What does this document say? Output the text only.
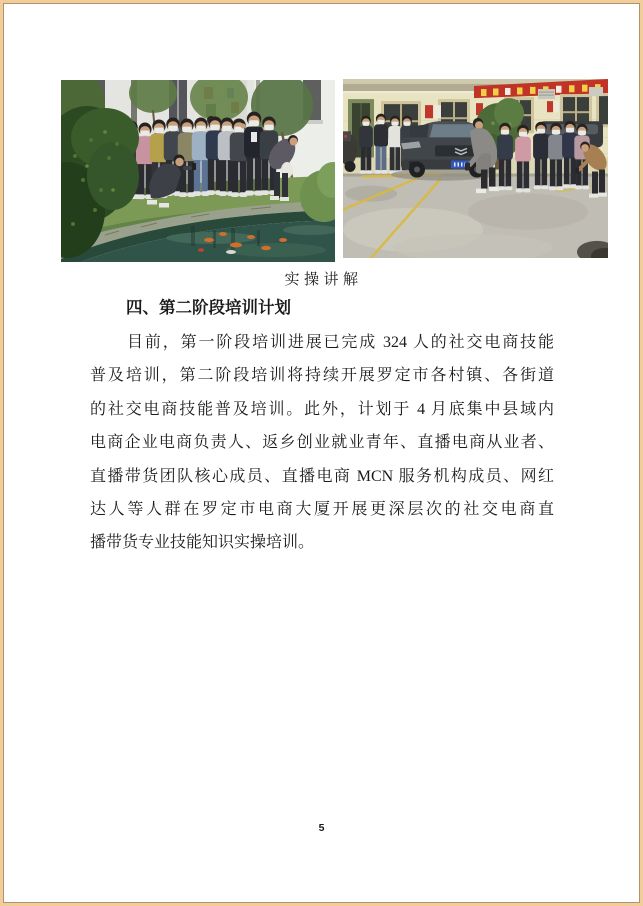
实操讲解
四、第二阶段培训计划
目前，第一阶段培训进展已完成 324 人的社交电商技能
普及培训，第二阶段培训将持续开展罗定市各村镇、各街道
的社交电商技能普及培训。此外，计划于 4 月底集中县域内
电商企业电商负责人、返乡创业就业青年、直播电商从业者、
直播带货团队核心成员、直播电商 MCN 服务机构成员、网红
达人等人群在罗定市电商大厦开展更深层次的社交电商直
播带货专业技能知识实操培训。
5
